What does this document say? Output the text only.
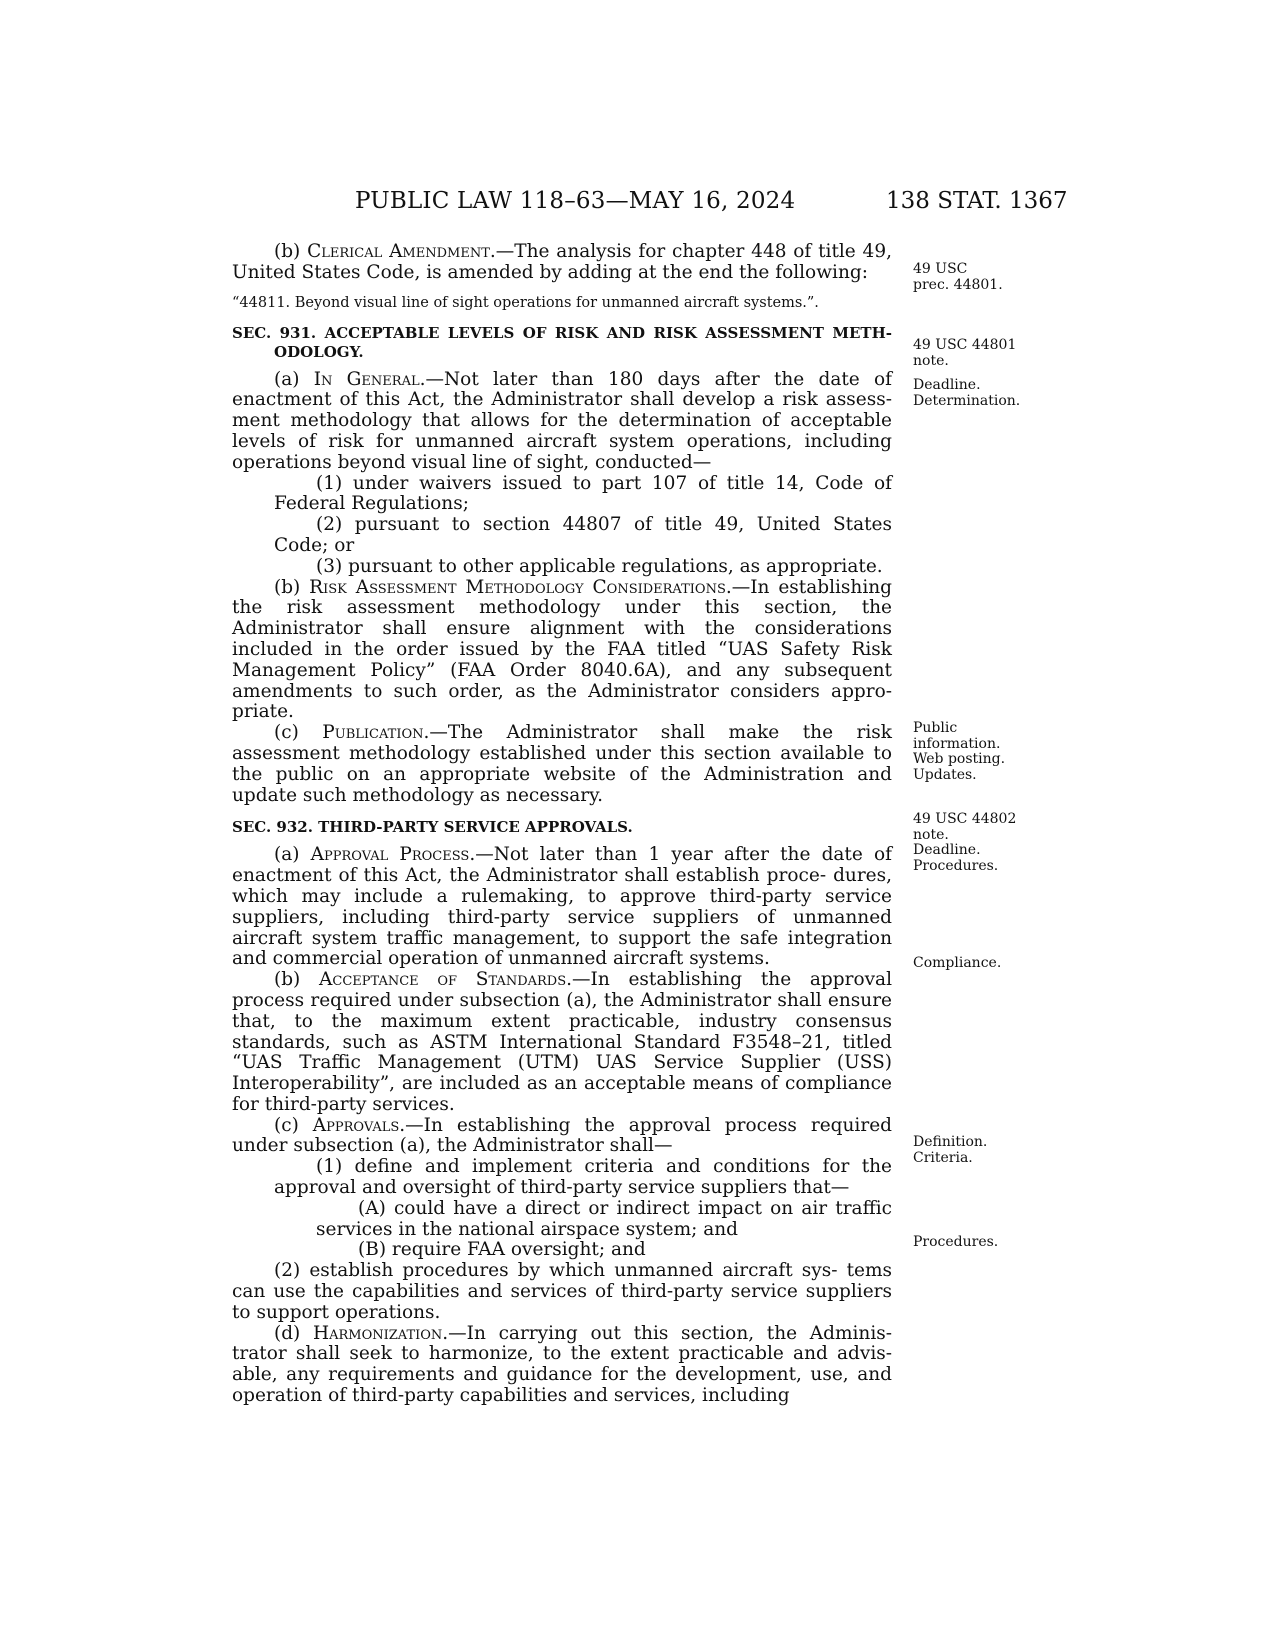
PUBLIC LAW 118–63—MAY 16, 2024	138 STAT. 1367

(b) Clerical Amendment.—The analysis for chapter 448 of title 49, United States Code, is amended by adding at the end the following:

“44811. Beyond visual line of sight operations for unmanned aircraft systems.”.
SEC. 931. ACCEPTABLE LEVELS OF RISK AND RISK ASSESSMENT METH- ODOLOGY.

(a) In General.—Not later than 180 days after the date of enactment of this Act, the Administrator shall develop a risk assess- ment methodology that allows for the determination of acceptable levels of risk for unmanned aircraft system operations, including operations beyond visual line of sight, conducted—

(1) under waivers issued to part 107 of title 14, Code of Federal Regulations;

(2) pursuant to section 44807 of title 49, United States Code; or

(3) pursuant to other applicable regulations, as appropriate.

(b) Risk Assessment Methodology Considerations.—In establishing the risk assessment methodology under this section, the Administrator shall ensure alignment with the considerations included in the order issued by the FAA titled “UAS Safety Risk Management Policy” (FAA Order 8040.6A), and any subsequent amendments to such order, as the Administrator considers appro- priate.

(c) Publication.—The Administrator shall make the risk assessment methodology established under this section available to the public on an appropriate website of the Administration and update such methodology as necessary.

SEC. 932. THIRD-PARTY SERVICE APPROVALS.

(a) Approval Process.—Not later than 1 year after the date of enactment of this Act, the Administrator shall establish proce- dures, which may include a rulemaking, to approve third-party service suppliers, including third-party service suppliers of unmanned aircraft system traffic management, to support the safe integration and commercial operation of unmanned aircraft systems.

(b) Acceptance of Standards.—In establishing the approval process required under subsection (a), the Administrator shall ensure that, to the maximum extent practicable, industry consensus standards, such as ASTM International Standard F3548–21, titled “UAS Traffic Management (UTM) UAS Service Supplier (USS) Interoperability”, are included as an acceptable means of compliance for third-party services.

(c) Approvals.—In establishing the approval process required under subsection (a), the Administrator shall—

(1) define and implement criteria and conditions for the approval and oversight of third-party service suppliers that—

(A) could have a direct or indirect impact on air traffic services in the national airspace system; and

(B) require FAA oversight; and

(2) establish procedures by which unmanned aircraft sys- tems can use the capabilities and services of third-party service suppliers to support operations.

(d) Harmonization.—In carrying out this section, the Adminis- trator shall seek to harmonize, to the extent practicable and advis- able, any requirements and guidance for the development, use, and operation of third-party capabilities and services, including

49 USC
prec. 44801.
49 USC 44801
note.
Deadline.
Determination.
Public
information.
Web posting.
Updates.
49 USC 44802
note.
Deadline.
Procedures.
Compliance.
Definition.
Criteria.
Procedures.
